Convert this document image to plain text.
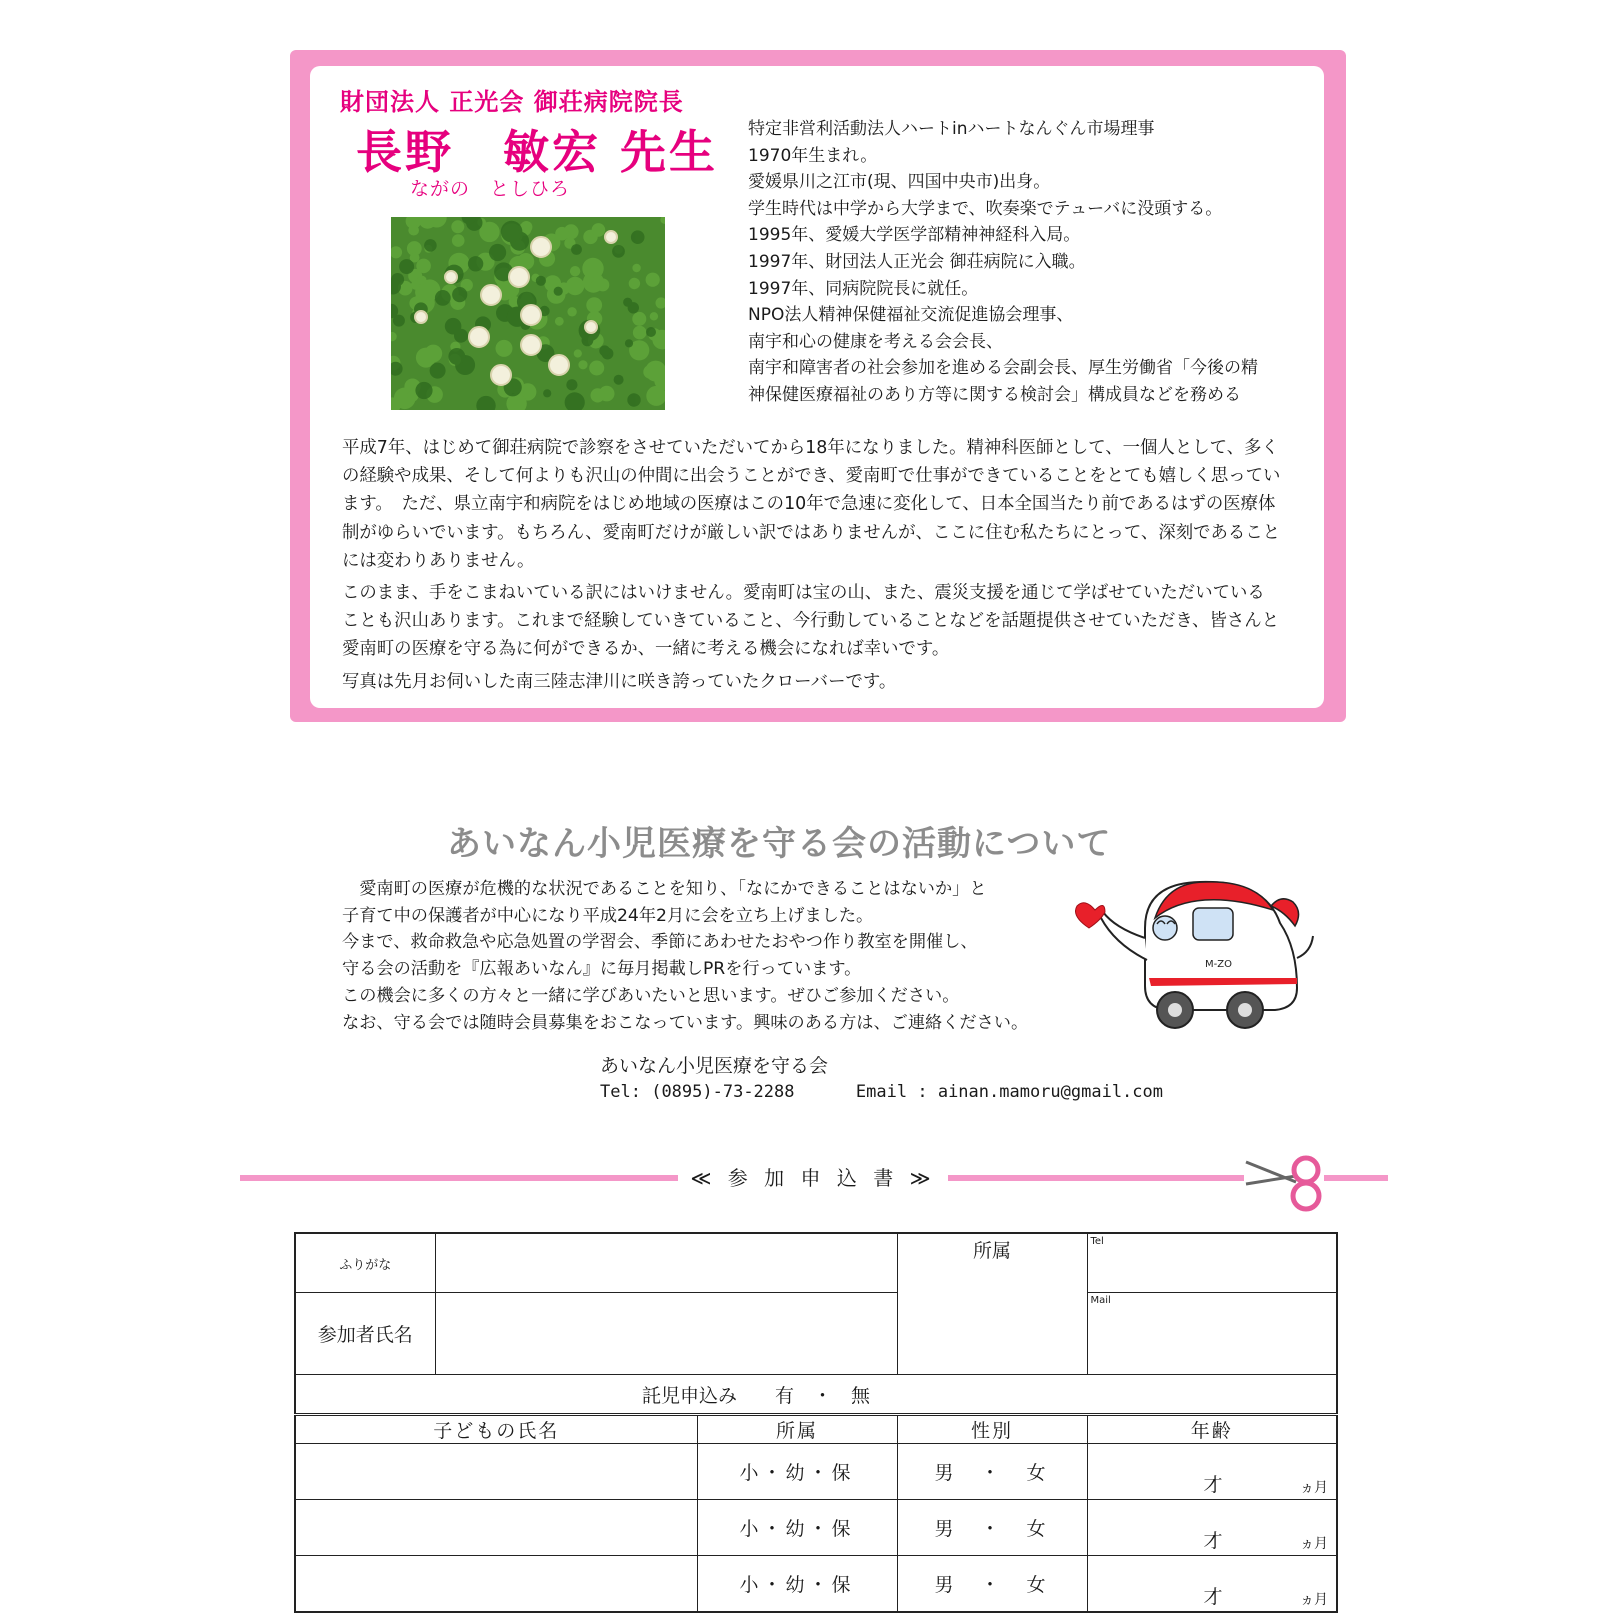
財団法人 正光会 御荘病院院長
長野　敏宏 先生
ながの　としひろ
特定非営利活動法人ハートinハートなんぐん市場理事
1970年生まれ。
愛媛県川之江市(現、四国中央市)出身。
学生時代は中学から大学まで、吹奏楽でテューバに没頭する。
1995年、愛媛大学医学部精神神経科入局。
1997年、財団法人正光会 御荘病院に入職。
1997年、同病院院長に就任。
NPO法人精神保健福祉交流促進協会理事、
南宇和心の健康を考える会会長、
南宇和障害者の社会参加を進める会副会長、厚生労働省「今後の精
神保健医療福祉のあり方等に関する検討会」構成員などを務める

平成7年、はじめて御荘病院で診察をさせていただいてから18年になりました。精神科医師として、一個人として、多くの経験や成果、そして何よりも沢山の仲間に出会うことができ、愛南町で仕事ができていることをとても嬉しく思っています。　ただ、県立南宇和病院をはじめ地域の医療はこの10年で急速に変化して、日本全国当たり前であるはずの医療体制がゆらいでいます。もちろん、愛南町だけが厳しい訳ではありませんが、ここに住む私たちにとって、深刻であることには変わりありません。

このまま、手をこまねいている訳にはいけません。愛南町は宝の山、また、震災支援を通じて学ばせていただいていることも沢山あります。これまで経験していきていること、今行動していることなどを話題提供させていただき、皆さんと愛南町の医療を守る為に何ができるか、一緒に考える機会になれば幸いです。

写真は先月お伺いした南三陸志津川に咲き誇っていたクローバーです。

あいなん小児医療を守る会の活動について
　愛南町の医療が危機的な状況であることを知り、「なにかできることはないか」と
子育て中の保護者が中心になり平成24年2月に会を立ち上げました。
今まで、救命救急や応急処置の学習会、季節にあわせたおやつ作り教室を開催し、
守る会の活動を『広報あいなん』に毎月掲載しPRを行っています。
この機会に多くの方々と一緒に学びあいたいと思います。ぜひご参加ください。
なお、守る会では随時会員募集をおこなっています。興味のある方は、ご連絡ください。
M-ZO
あいなん小児医療を守る会
Tel: (0895)-73-2288	Email : ainan.mamoru@gmail.com
≪ 参 加 申 込 書 ≫
ふりがな			所属	Tel
参加者氏名				Mail
託児申込み　　有　・　無				
子どもの氏名		所属	性別	年齢
		小・幼・保	男　・　女	才 ヵ月

		小・幼・保	男　・　女	才 ヵ月

		小・幼・保	男　・　女	才 ヵ月
